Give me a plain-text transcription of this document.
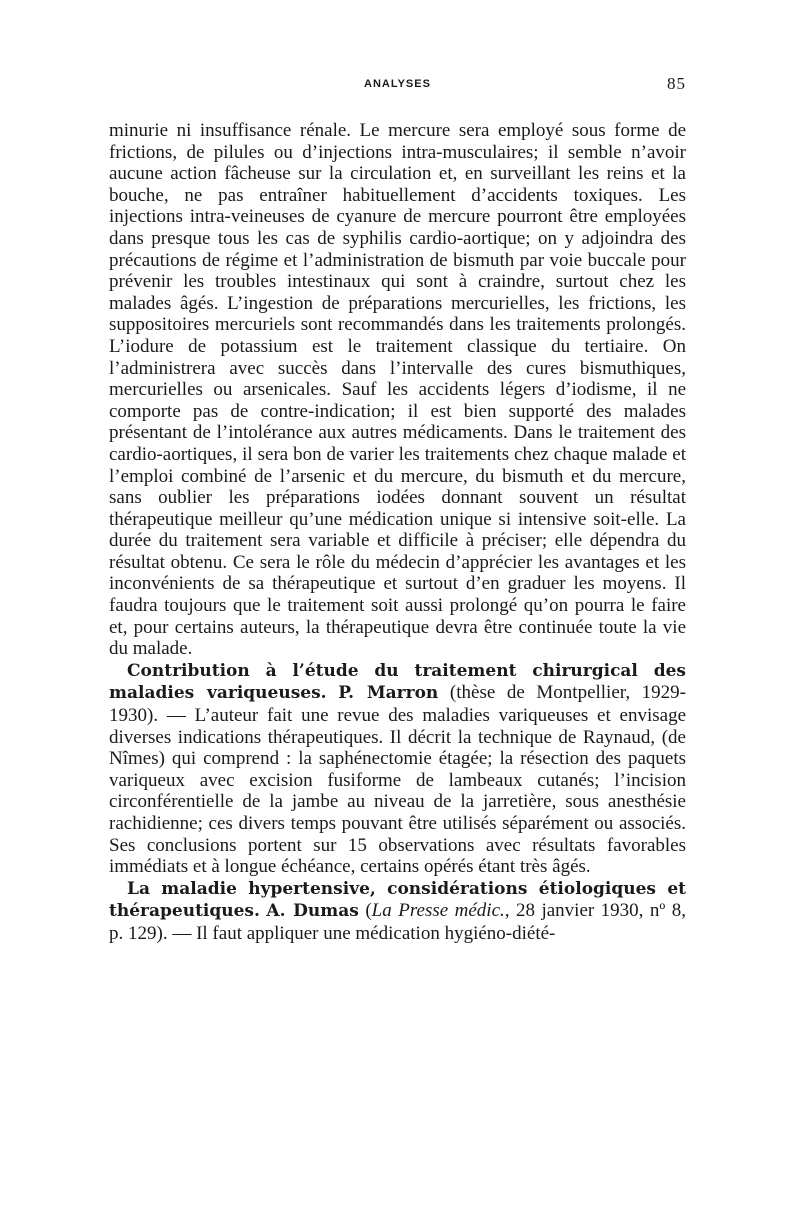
ANALYSES	85

minurie ni insuffisance rénale. Le mercure sera employé sous forme de frictions, de pilules ou d’injections intra-musculaires; il semble n’avoir aucune action fâcheuse sur la circulation et, en surveillant les reins et la bouche, ne pas entraîner habituellement d’accidents toxiques. Les injections intra-veineuses de cyanure de mercure pourront être employées dans presque tous les cas de syphilis cardio-aortique; on y adjoindra des précautions de régime et l’administration de bismuth par voie buccale pour prévenir les troubles intestinaux qui sont à craindre, surtout chez les malades âgés. L’ingestion de préparations mercurielles, les frictions, les suppositoires mercuriels sont recommandés dans les traitements prolongés. L’iodure de potassium est le traitement classique du tertiaire. On l’administrera avec succès dans l’intervalle des cures bismuthiques, mercurielles ou arsenicales. Sauf les accidents légers d’iodisme, il ne comporte pas de contre-indication; il est bien supporté des malades présentant de l’intolérance aux autres médicaments. Dans le traitement des cardio-aortiques, il sera bon de varier les traitements chez chaque malade et l’emploi combiné de l’arsenic et du mercure, du bismuth et du mercure, sans oublier les préparations iodées donnant souvent un résultat thérapeutique meilleur qu’une médication unique si intensive soit-elle. La durée du traitement sera variable et difficile à préciser; elle dépendra du résultat obtenu. Ce sera le rôle du médecin d’apprécier les avantages et les inconvénients de sa thérapeutique et surtout d’en graduer les moyens. Il faudra toujours que le traitement soit aussi prolongé qu’on pourra le faire et, pour certains auteurs, la thérapeutique devra être continuée toute la vie du malade.

Contribution à l’étude du traitement chirurgical des maladies variqueuses. P. Marron (thèse de Montpellier, 1929-1930). — L’auteur fait une revue des maladies variqueuses et envisage diverses indications thérapeutiques. Il décrit la technique de Raynaud, (de Nîmes) qui comprend : la saphénectomie étagée; la résection des paquets variqueux avec excision fusiforme de lambeaux cutanés; l’incision circonférentielle de la jambe au niveau de la jarretière, sous anesthésie rachidienne; ces divers temps pouvant être utilisés séparément ou associés. Ses conclusions portent sur 15 observations avec résultats favorables immédiats et à longue échéance, certains opérés étant très âgés.

La maladie hypertensive, considérations étiologiques et thérapeutiques. A. Dumas (La Presse médic., 28 janvier 1930, nº 8, p. 129). — Il faut appliquer une médication hygiéno-diété-
